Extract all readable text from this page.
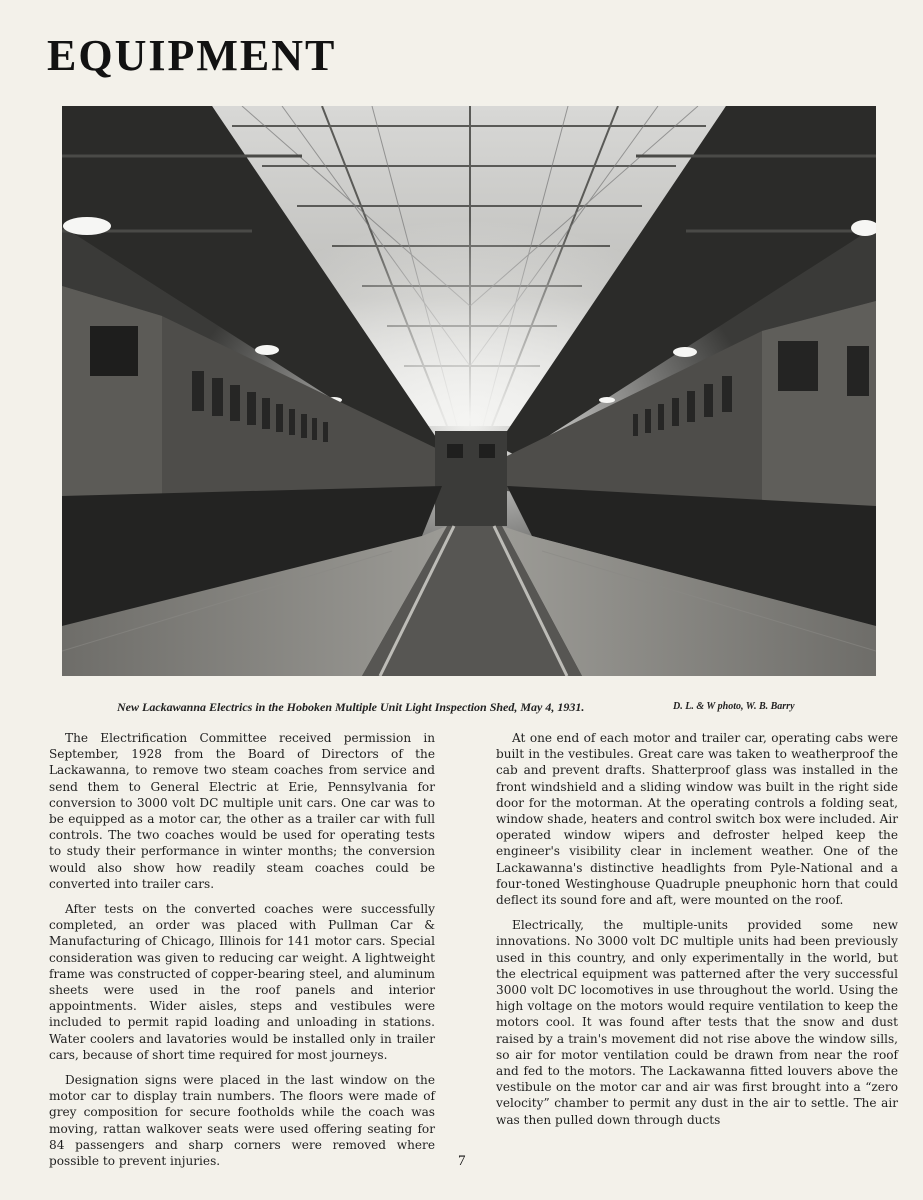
EQUIPMENT
New Lackawanna Electrics in the Hoboken Multiple Unit Light Inspection Shed, May 4, 1931.	D. L. & W photo, W. B. Barry

The Electrification Committee received permission in September, 1928 from the Board of Directors of the Lackawanna, to remove two steam coaches from service and send them to General Electric at Erie, Pennsylvania for conversion to 3000 volt DC multiple unit cars. One car was to be equipped as a motor car, the other as a trailer car with full controls. The two coaches would be used for operating tests to study their performance in winter months; the conversion would also show how readily steam coaches could be converted into trailer cars.

After tests on the converted coaches were successfully completed, an order was placed with Pullman Car & Manufacturing of Chicago, Illinois for 141 motor cars. Special consideration was given to reducing car weight. A lightweight frame was constructed of copper-bearing steel, and aluminum sheets were used in the roof panels and interior appointments. Wider aisles, steps and vestibules were included to permit rapid loading and unloading in stations. Water coolers and lavatories would be installed only in trailer cars, because of short time required for most journeys.

Designation signs were placed in the last window on the motor car to display train numbers. The floors were made of grey composition for secure footholds while the coach was moving, rattan walkover seats were used offering seating for 84 passengers and sharp corners were removed where possible to prevent injuries.

At one end of each motor and trailer car, operating cabs were built in the vestibules. Great care was taken to weatherproof the cab and prevent drafts. Shatterproof glass was installed in the front windshield and a sliding window was built in the right side door for the motorman. At the operating controls a folding seat, window shade, heaters and control switch box were included. Air operated window wipers and defroster helped keep the engineer's visibility clear in inclement weather. One of the Lackawanna's distinctive headlights from Pyle-National and a four-toned Westinghouse Quadruple pneuphonic horn that could deflect its sound fore and aft, were mounted on the roof.

Electrically, the multiple-units provided some new innovations. No 3000 volt DC multiple units had been previously used in this country, and only experimentally in the world, but the electrical equipment was patterned after the very successful 3000 volt DC locomotives in use throughout the world. Using the high voltage on the motors would require ventilation to keep the motors cool. It was found after tests that the snow and dust raised by a train's movement did not rise above the window sills, so air for motor ventilation could be drawn from near the roof and fed to the motors. The Lackawanna fitted louvers above the vestibule on the motor car and air was first brought into a “zero velocity” chamber to permit any dust in the air to settle. The air was then pulled down through ducts

7
